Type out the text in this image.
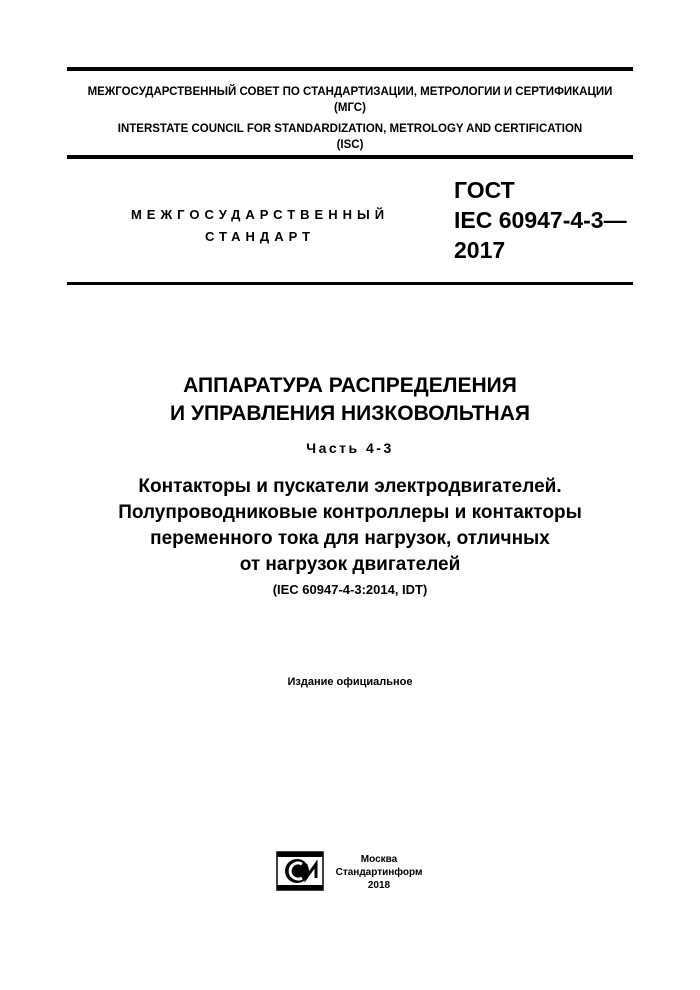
МЕЖГОСУДАРСТВЕННЫЙ СОВЕТ ПО СТАНДАРТИЗАЦИИ, МЕТРОЛОГИИ И СЕРТИФИКАЦИИ
(МГС)
INTERSTATE COUNCIL FOR STANDARDIZATION, METROLOGY AND CERTIFICATION
(ISC)
МЕЖГОСУДАРСТВЕННЫЙ
СТАНДАРТ
ГОСТ
IEC 60947-4-3—
2017
АППАРАТУРА РАСПРЕДЕЛЕНИЯ
И УПРАВЛЕНИЯ НИЗКОВОЛЬТНАЯ
Часть 4-3
Контакторы и пускатели электродвигателей.
Полупроводниковые контроллеры и контакторы
переменного тока для нагрузок, отличных
от нагрузок двигателей
(IEC 60947-4-3:2014, IDT)
Издание официальное
Москва
Стандартинформ
2018
